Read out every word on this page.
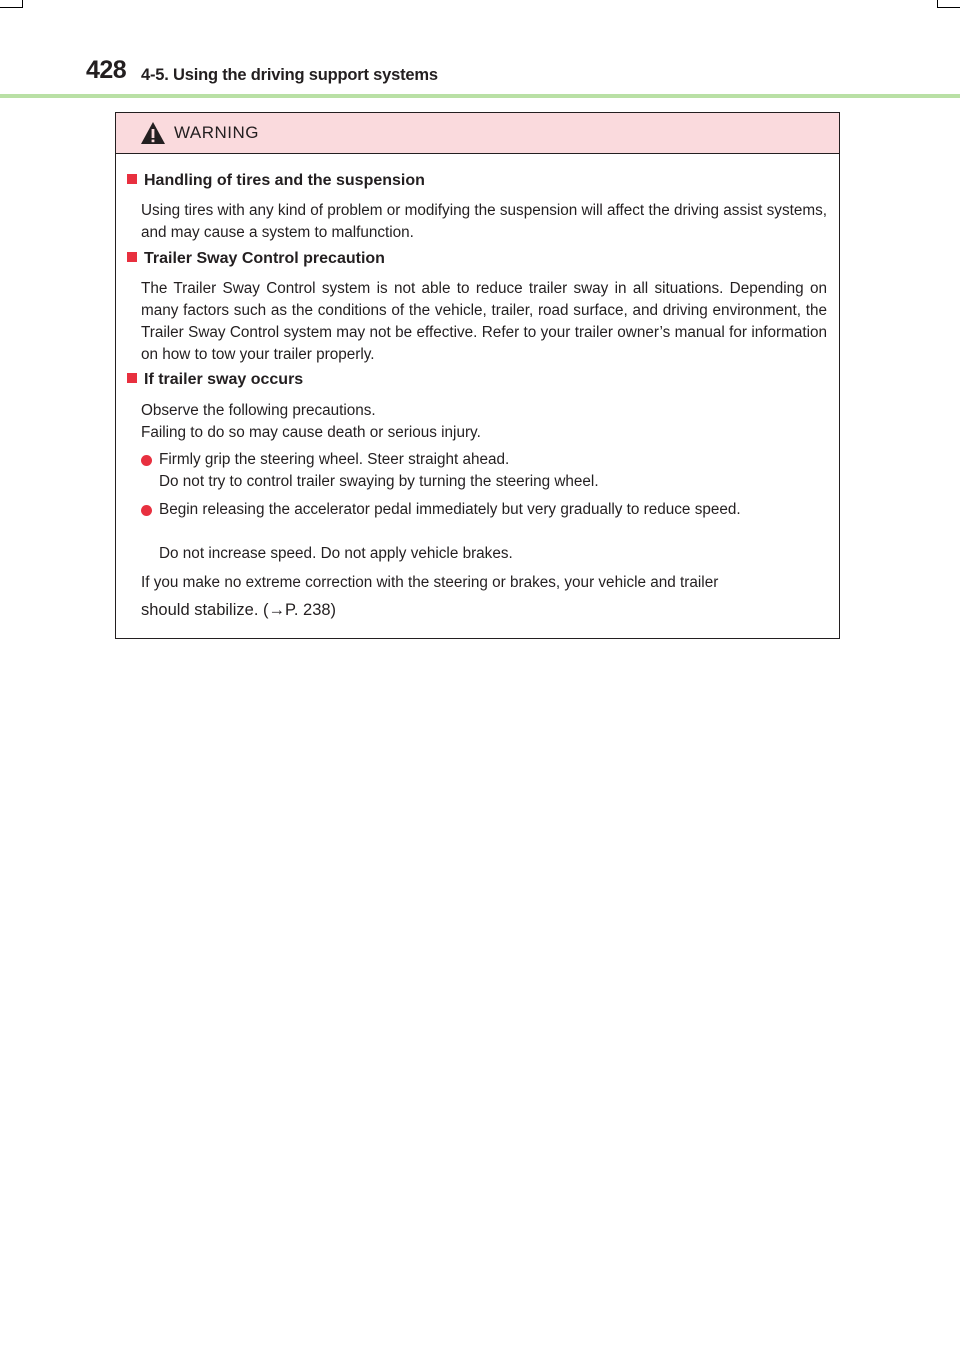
428 4-5. Using the driving support systems
WARNING
Handling of tires and the suspension
Using tires with any kind of problem or modifying the suspension will affect the driving assist systems, and may cause a system to malfunction.
Trailer Sway Control precaution
The Trailer Sway Control system is not able to reduce trailer sway in all situations. Depending on many factors such as the conditions of the vehicle, trailer, road surface, and driving environment, the Trailer Sway Control system may not be effective. Refer to your trailer owner’s manual for information on how to tow your trailer properly.
If trailer sway occurs
Observe the following precautions.
Failing to do so may cause death or serious injury.
Firmly grip the steering wheel. Steer straight ahead.
Do not try to control trailer swaying by turning the steering wheel.
Begin releasing the accelerator pedal immediately but very gradually to reduce speed.
Do not increase speed. Do not apply vehicle brakes.
If you make no extreme correction with the steering or brakes, your vehicle and trailer
should stabilize. (→P. 238)
